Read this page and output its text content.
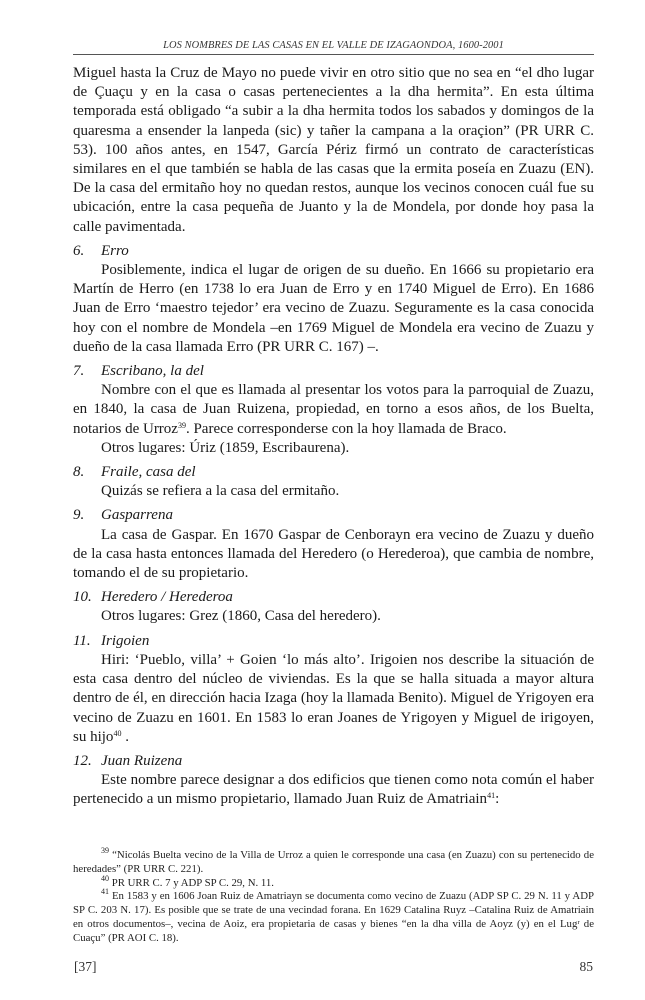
LOS NOMBRES DE LAS CASAS EN EL VALLE DE IZAGAONDOA, 1600-2001

Miguel hasta la Cruz de Mayo no puede vivir en otro sitio que no sea en “el dho lugar de Çuaçu y en la casa o casas pertenecientes a la dha hermita”. En esta última temporada está obligado “a subir a la dha hermita todos los sabados y domingos de la quaresma a ensender la lanpeda (sic) y tañer la campana a la oraçion” (PR URR C. 53). 100 años antes, en 1547, García Périz firmó un contrato de características similares en el que también se habla de las casas que la ermita poseía en Zuazu (EN). De la casa del ermitaño hoy no quedan restos, aunque los vecinos conocen cuál fue su ubicación, entre la casa pequeña de Juanto y la de Mondela, por donde hoy pasa la calle pavimentada.

6. Erro

Posiblemente, indica el lugar de origen de su dueño. En 1666 su propietario era Martín de Herro (en 1738 lo era Juan de Erro y en 1740 Miguel de Erro). En 1686 Juan de Erro ‘maestro tejedor’ era vecino de Zuazu. Seguramente es la casa conocida hoy con el nombre de Mondela –en 1769 Miguel de Mondela era vecino de Zuazu y dueño de la casa llamada Erro (PR URR C. 167) –.

7. Escribano, la del

Nombre con el que es llamada al presentar los votos para la parroquial de Zuazu, en 1840, la casa de Juan Ruizena, propiedad, en torno a esos años, de los Buelta, notarios de Urroz$^{39}$. Parece corresponderse con la hoy llamada de Braco.

Otros lugares: Úriz (1859, Escribaurena).

8. Fraile, casa del

Quizás se refiera a la casa del ermitaño.

9. Gasparrena

La casa de Gaspar. En 1670 Gaspar de Cenborayn era vecino de Zuazu y dueño de la casa hasta entonces llamada del Heredero (o Herederoa), que cambia de nombre, tomando el de su propietario.

10. Heredero / Herederoa

Otros lugares: Grez (1860, Casa del heredero).

11. Irigoien

Hiri: ‘Pueblo, villa’ + Goien ‘lo más alto’. Irigoien nos describe la situación de esta casa dentro del núcleo de viviendas. Es la que se halla situada a mayor altura dentro de él, en dirección hacia Izaga (hoy la llamada Benito). Miguel de Yrigoyen era vecino de Zuazu en 1601. En 1583 lo eran Joanes de Yrigoyen y Miguel de irigoyen, su hijo$^{40}$ .

12. Juan Ruizena

Este nombre parece designar a dos edificios que tienen como nota común el haber pertenecido a un mismo propietario, llamado Juan Ruiz de Amatriain$^{41}$:

$^{39}$ “Nicolás Buelta vecino de la Villa de Urroz a quien le corresponde una casa (en Zuazu) con su pertenecido de heredades” (PR URR C. 221).

$^{40}$ PR URR C. 7 y ADP SP C. 29, N. 11.

$^{41}$ En 1583 y en 1606 Joan Ruiz de Amatriayn se documenta como vecino de Zuazu (ADP SP C. 29 N. 11 y ADP SP C. 203 N. 17). Es posible que se trate de una vecindad forana. En 1629 Catalina Ruyz –Catalina Ruiz de Amatriain en otros documentos–, vecina de Aoiz, era propietaria de casas y bienes “en la dha villa de Aoyz (y) en el Lugʳ de Cuaçu” (PR AOI C. 18).

[37]	85
